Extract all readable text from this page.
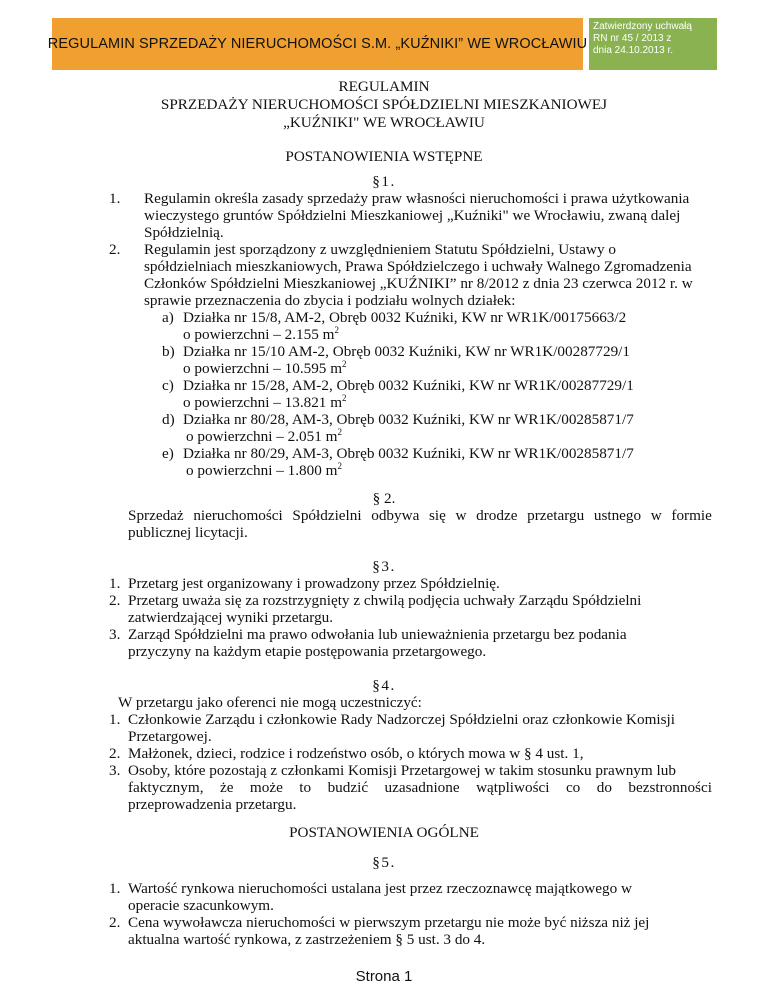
REGULAMIN SPRZEDAŻY NIERUCHOMOŚCI S.M. „KUŹNIKI” WE WROCŁAWIU
Zatwierdzony uchwałą
RN nr 45 / 2013 z
dnia 24.10.2013 r.
REGULAMIN
SPRZEDAŻY NIERUCHOMOŚCI SPÓŁDZIELNI MIESZKANIOWEJ
„KUŹNIKI" WE WROCŁAWIU
POSTANOWIENIA WSTĘPNE
§1.
1. Regulamin określa zasady sprzedaży praw własności nieruchomości i prawa użytkowania
wieczystego gruntów Spółdzielni Mieszkaniowej „Kuźniki" we Wrocławiu, zwaną dalej
Spółdzielnią.
2. Regulamin jest sporządzony z uwzględnieniem Statutu Spółdzielni, Ustawy o
spółdzielniach mieszkaniowych, Prawa Spółdzielczego i uchwały Walnego Zgromadzenia
Członków Spółdzielni Mieszkaniowej „KUŹNIKI” nr 8/2012 z dnia 23 czerwca 2012 r. w
sprawie przeznaczenia do zbycia i podziału wolnych działek:
a) Działka nr 15/8, AM-2, Obręb 0032 Kuźniki, KW nr WR1K/00175663/2
o powierzchni – 2.155 $m^2$
b) Działka nr 15/10 AM-2, Obręb 0032 Kuźniki, KW nr WR1K/00287729/1
o powierzchni – 10.595 $m^2$
c) Działka nr 15/28, AM-2, Obręb 0032 Kuźniki, KW nr WR1K/00287729/1
o powierzchni – 13.821 $m^2$
d) Działka nr 80/28, AM-3, Obręb 0032 Kuźniki, KW nr WR1K/00285871/7
o powierzchni – 2.051 $m^2$
e) Działka nr 80/29, AM-3, Obręb 0032 Kuźniki, KW nr WR1K/00285871/7
o powierzchni – 1.800 $m^2$
§ 2.
Sprzedaż nieruchomości Spółdzielni odbywa się w drodze przetargu ustnego w formie
publicznej licytacji.
§3.
1. Przetarg jest organizowany i prowadzony przez Spółdzielnię.
2. Przetarg uważa się za rozstrzygnięty z chwilą podjęcia uchwały Zarządu Spółdzielni
zatwierdzającej wyniki przetargu.
3. Zarząd Spółdzielni ma prawo odwołania lub unieważnienia przetargu bez podania
przyczyny na każdym etapie postępowania przetargowego.
§4.
W przetargu jako oferenci nie mogą uczestniczyć:
1. Członkowie Zarządu i członkowie Rady Nadzorczej Spółdzielni oraz członkowie Komisji
Przetargowej.
2. Małżonek, dzieci, rodzice i rodzeństwo osób, o których mowa w § 4 ust. 1,
3. Osoby, które pozostają z członkami Komisji Przetargowej w takim stosunku prawnym lub
faktycznym, że może to budzić uzasadnione wątpliwości co do bezstronności
przeprowadzenia przetargu.
POSTANOWIENIA OGÓLNE
§5.
1. Wartość rynkowa nieruchomości ustalana jest przez rzeczoznawcę majątkowego w
operacie szacunkowym.
2. Cena wywoławcza nieruchomości w pierwszym przetargu nie może być niższa niż jej
aktualna wartość rynkowa, z zastrzeżeniem § 5 ust. 3 do 4.
Strona 1
